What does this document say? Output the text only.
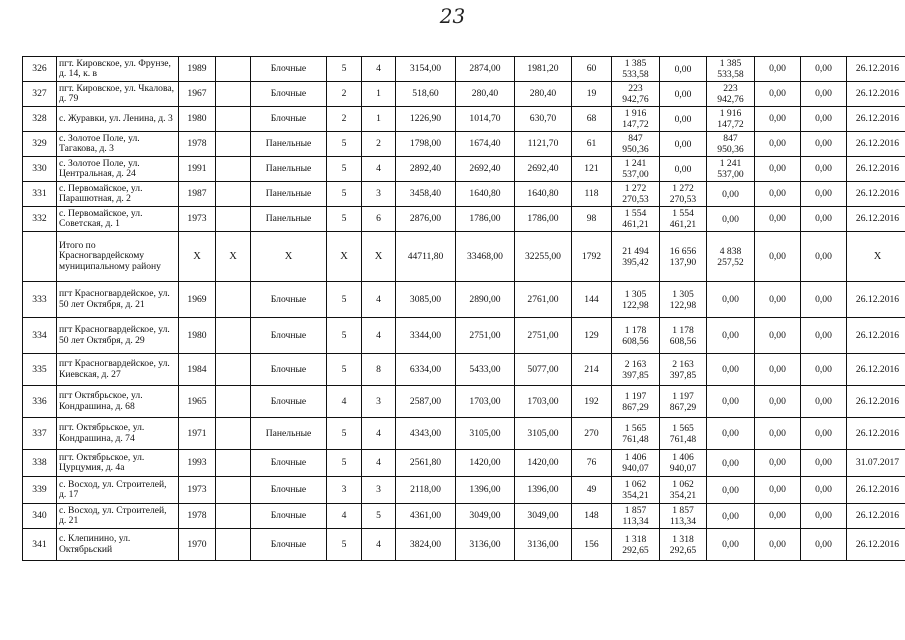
23
326	пгт. Кировское, ул. Фрунзе, д. 14, к. в	1989		Блочные	5	4	3154,00	2874,00	1981,20	60	1 385 533,58	0,00	1 385 533,58	0,00	0,00	26.12.2016
327	пгт. Кировское, ул. Чкалова, д. 79	1967		Блочные	2	1	518,60	280,40	280,40	19	223 942,76	0,00	223 942,76	0,00	0,00	26.12.2016
328	с. Журавки, ул. Ленина, д. 3	1980		Блочные	2	1	1226,90	1014,70	630,70	68	1 916 147,72	0,00	1 916 147,72	0,00	0,00	26.12.2016
329	с. Золотое Поле, ул. Тагакова, д. 3	1978		Панельные	5	2	1798,00	1674,40	1121,70	61	847 950,36	0,00	847 950,36	0,00	0,00	26.12.2016
330	с. Золотое Поле, ул. Центральная, д. 24	1991		Панельные	5	4	2892,40	2692,40	2692,40	121	1 241 537,00	0,00	1 241 537,00	0,00	0,00	26.12.2016
331	с. Первомайское, ул. Парашютная, д. 2	1987		Панельные	5	3	3458,40	1640,80	1640,80	118	1 272 270,53	1 272 270,53	0,00	0,00	0,00	26.12.2016
332	с. Первомайское, ул. Советская, д. 1	1973		Панельные	5	6	2876,00	1786,00	1786,00	98	1 554 461,21	1 554 461,21	0,00	0,00	0,00	26.12.2016
	Итого по Красногвардейскому муниципальному району	X	X	X	X	X	44711,80	33468,00	32255,00	1792	21 494 395,42	16 656 137,90	4 838 257,52	0,00	0,00	X
333	пгт Красногвардейское, ул. 50 лет Октября, д. 21	1969		Блочные	5	4	3085,00	2890,00	2761,00	144	1 305 122,98	1 305 122,98	0,00	0,00	0,00	26.12.2016
334	пгт Красногвардейское, ул. 50 лет Октября, д. 29	1980		Блочные	5	4	3344,00	2751,00	2751,00	129	1 178 608,56	1 178 608,56	0,00	0,00	0,00	26.12.2016
335	пгт Красногвардейское, ул. Киевская, д. 27	1984		Блочные	5	8	6334,00	5433,00	5077,00	214	2 163 397,85	2 163 397,85	0,00	0,00	0,00	26.12.2016
336	пгт Октябрьское, ул. Кондрашина, д. 68	1965		Блочные	4	3	2587,00	1703,00	1703,00	192	1 197 867,29	1 197 867,29	0,00	0,00	0,00	26.12.2016
337	пгт. Октябрьское, ул. Кондрашина, д. 74	1971		Панельные	5	4	4343,00	3105,00	3105,00	270	1 565 761,48	1 565 761,48	0,00	0,00	0,00	26.12.2016
338	пгт. Октябрьское, ул. Цурцумия, д. 4а	1993		Блочные	5	4	2561,80	1420,00	1420,00	76	1 406 940,07	1 406 940,07	0,00	0,00	0,00	31.07.2017
339	с. Восход, ул. Строителей, д. 17	1973		Блочные	3	3	2118,00	1396,00	1396,00	49	1 062 354,21	1 062 354,21	0,00	0,00	0,00	26.12.2016
340	с. Восход, ул. Строителей, д. 21	1978		Блочные	4	5	4361,00	3049,00	3049,00	148	1 857 113,34	1 857 113,34	0,00	0,00	0,00	26.12.2016
341	с. Клепинино, ул. Октябрьский	1970		Блочные	5	4	3824,00	3136,00	3136,00	156	1 318 292,65	1 318 292,65	0,00	0,00	0,00	26.12.2016
